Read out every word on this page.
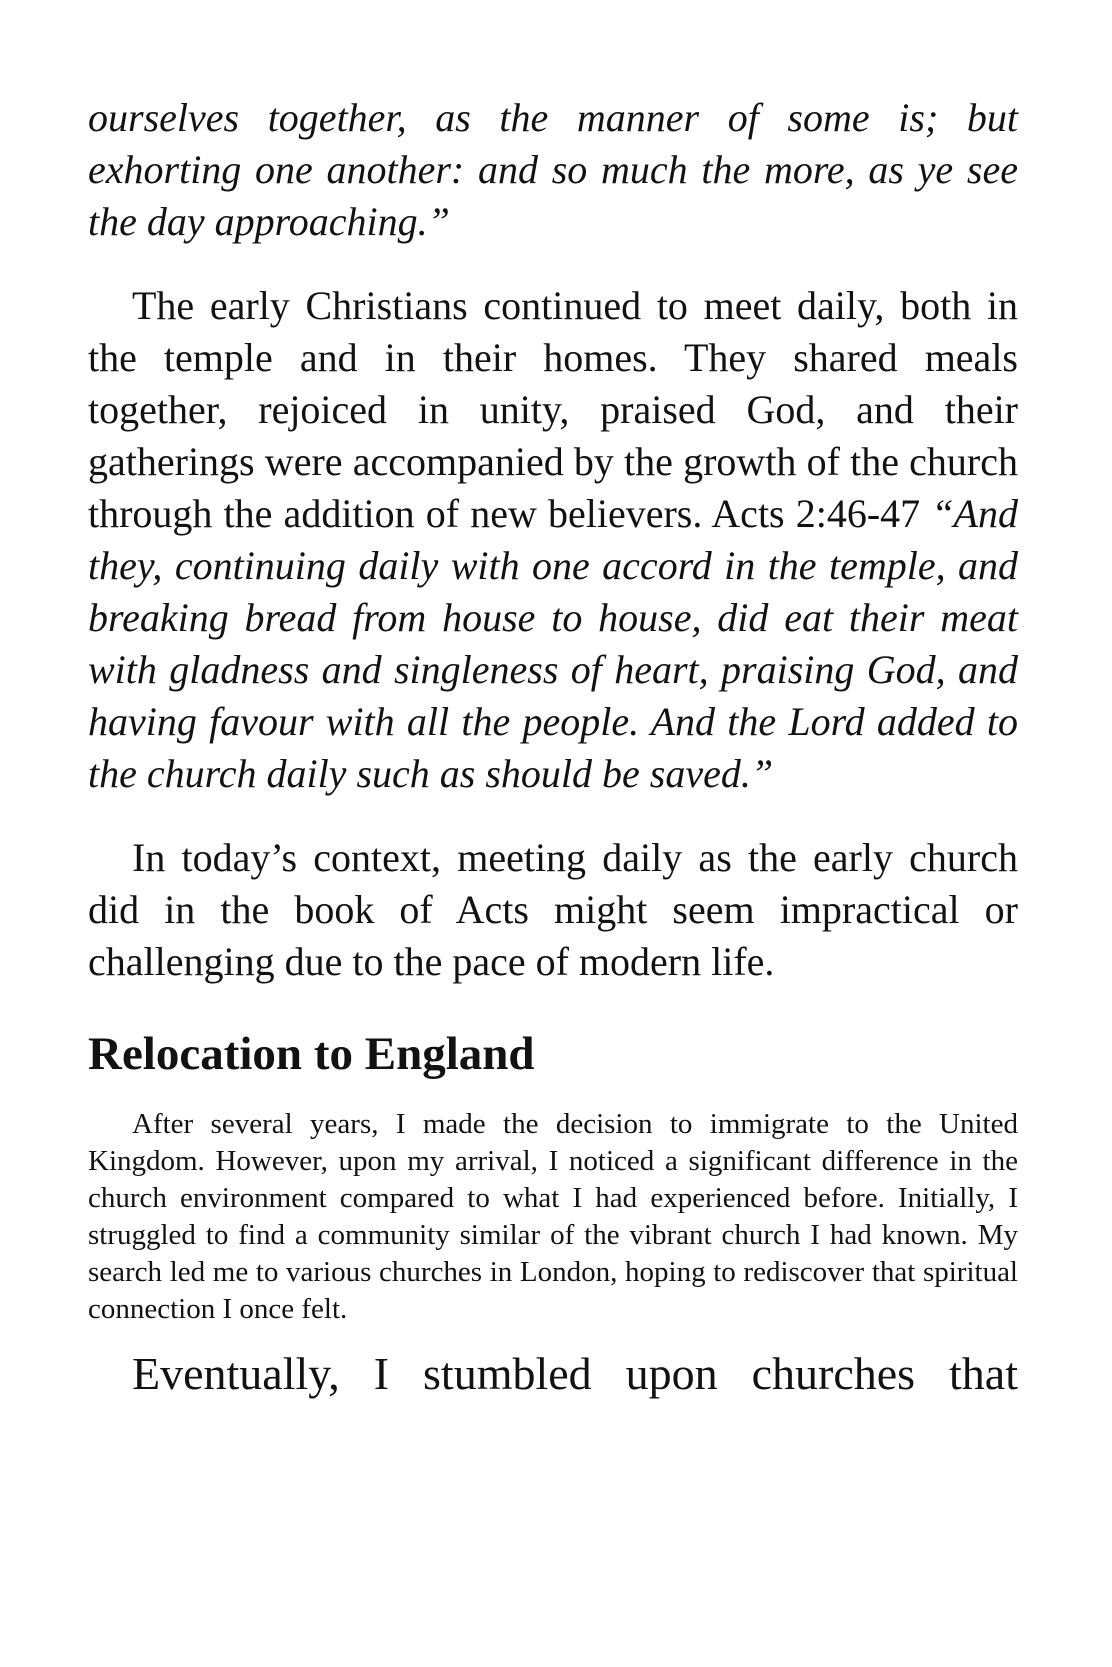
ourselves together, as the manner of some is; but exhorting one another: and so much the more, as ye see the day approaching.”

The early Christians continued to meet daily, both in the temple and in their homes. They shared meals together, rejoiced in unity, praised God, and their gatherings were accompanied by the growth of the church through the addition of new believers. Acts 2:46-47 “And they, continuing daily with one accord in the temple, and breaking bread from house to house, did eat their meat with gladness and singleness of heart, praising God, and having favour with all the people. And the Lord added to the church daily such as should be saved.”

In today’s context, meeting daily as the early church did in the book of Acts might seem impractical or challenging due to the pace of modern life.

Relocation to England

After several years, I made the decision to immigrate to the United Kingdom. However, upon my arrival, I noticed a significant difference in the church environment compared to what I had experienced before. Initially, I struggled to find a community similar of the vibrant church I had known. My search led me to various churches in London, hoping to rediscover that spiritual connection I once felt.

Eventually, I stumbled upon churches that
